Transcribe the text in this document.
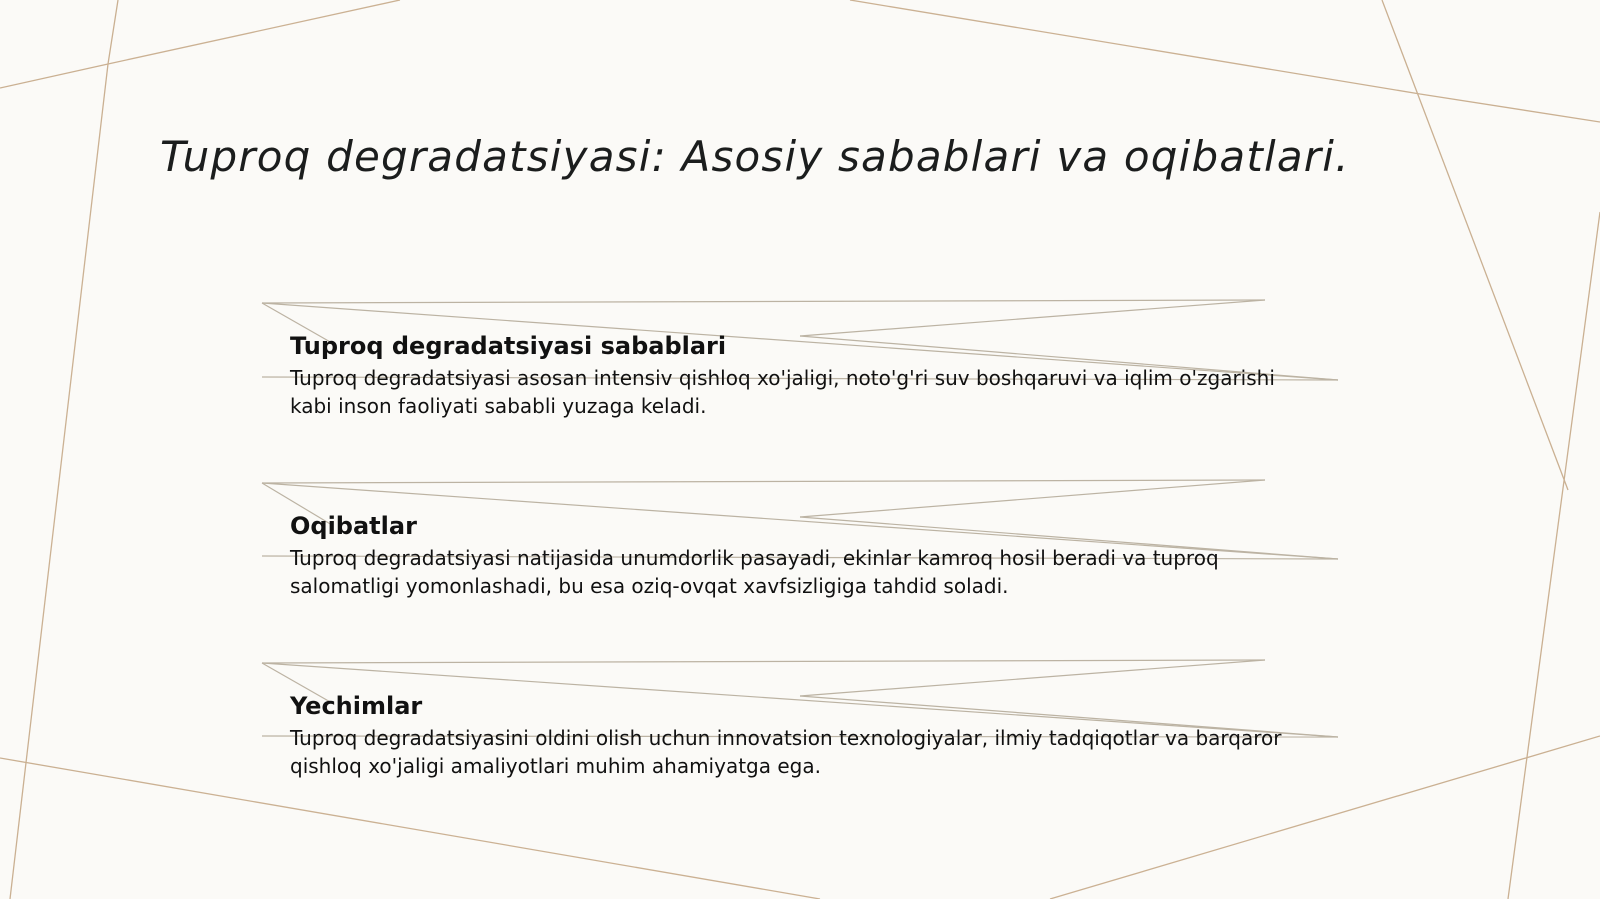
Tuproq degradatsiyasi: Asosiy sabablari va oqibatlari.
Tuproq degradatsiyasi sabablari

Tuproq degradatsiyasi asosan intensiv qishloq xo'jaligi, noto'g'ri suv boshqaruvi va iqlim o'zgarishi kabi inson faoliyati sababli yuzaga keladi.

Oqibatlar

Tuproq degradatsiyasi natijasida unumdorlik pasayadi, ekinlar kamroq hosil beradi va tuproq salomatligi yomonlashadi, bu esa oziq-ovqat xavfsizligiga tahdid soladi.

Yechimlar

Tuproq degradatsiyasini oldini olish uchun innovatsion texnologiyalar, ilmiy tadqiqotlar va barqaror qishloq xo'jaligi amaliyotlari muhim ahamiyatga ega.
